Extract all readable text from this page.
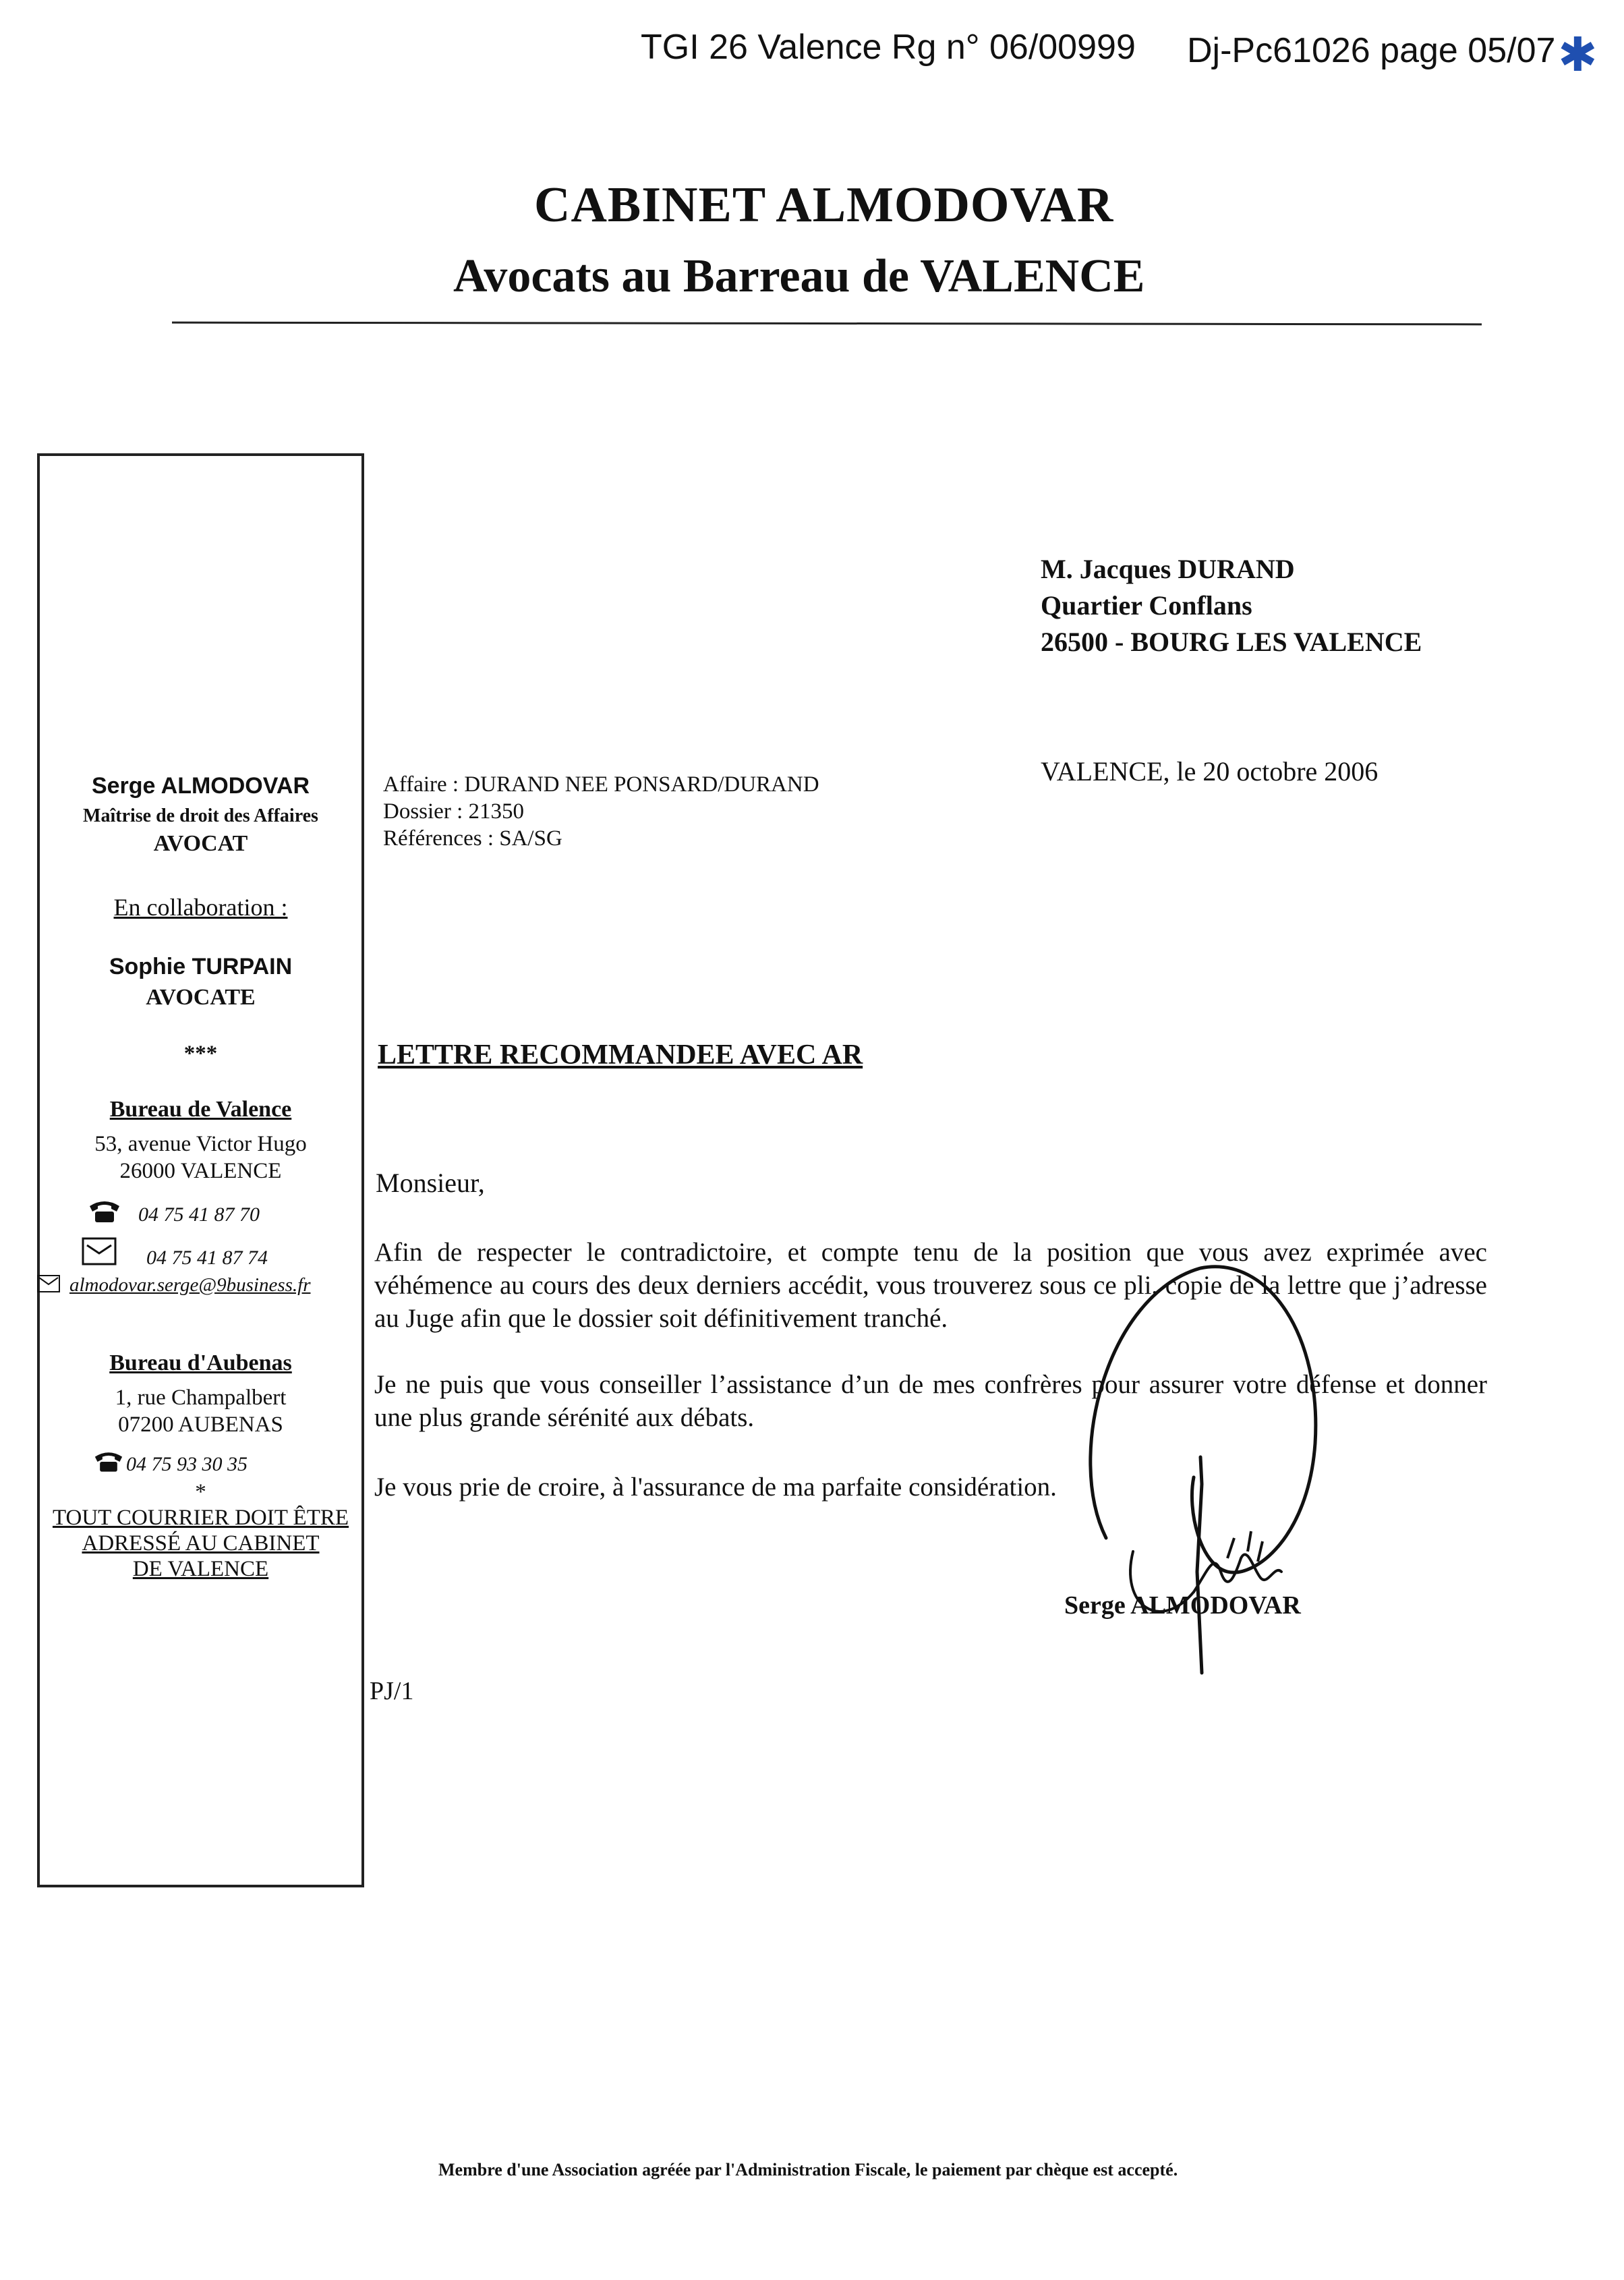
TGI 26 Valence Rg n° 06/00999 Dj-Pc61026 page 05/07 ✱
CABINET ALMODOVAR
Avocats au Barreau de VALENCE
Serge ALMODOVAR
Maîtrise de droit des Affaires
AVOCAT
En collaboration :
Sophie TURPAIN
AVOCATE
***
Bureau de Valence
53, avenue Victor Hugo
26000 VALENCE
04 75 41 87 70
04 75 41 87 74
almodovar.serge@9business.fr
Bureau d'Aubenas
1, rue Champalbert
07200 AUBENAS
04 75 93 30 35
*
TOUT COURRIER DOIT ÊTRE
ADRESSÉ AU CABINET
DE VALENCE
M. Jacques DURAND
Quartier Conflans
26500 - BOURG LES VALENCE
VALENCE, le 20 octobre 2006
Affaire : DURAND NEE PONSARD/DURAND
Dossier : 21350
Références : SA/SG
LETTRE RECOMMANDEE AVEC AR
Monsieur,
Afin de respecter le contradictoire, et compte tenu de la position que vous avez exprimée avec véhémence au cours des deux derniers accédit, vous trouverez sous ce pli, copie de la lettre que j’adresse au Juge afin que le dossier soit définitivement tranché.
Je ne puis que vous conseiller l’assistance d’un de mes confrères pour assurer votre défense et donner une plus grande sérénité aux débats.
Je vous prie de croire, à l'assurance de ma parfaite considération.
Serge ALMODOVAR
PJ/1
Membre d'une Association agréée par l'Administration Fiscale, le paiement par chèque est accepté.
